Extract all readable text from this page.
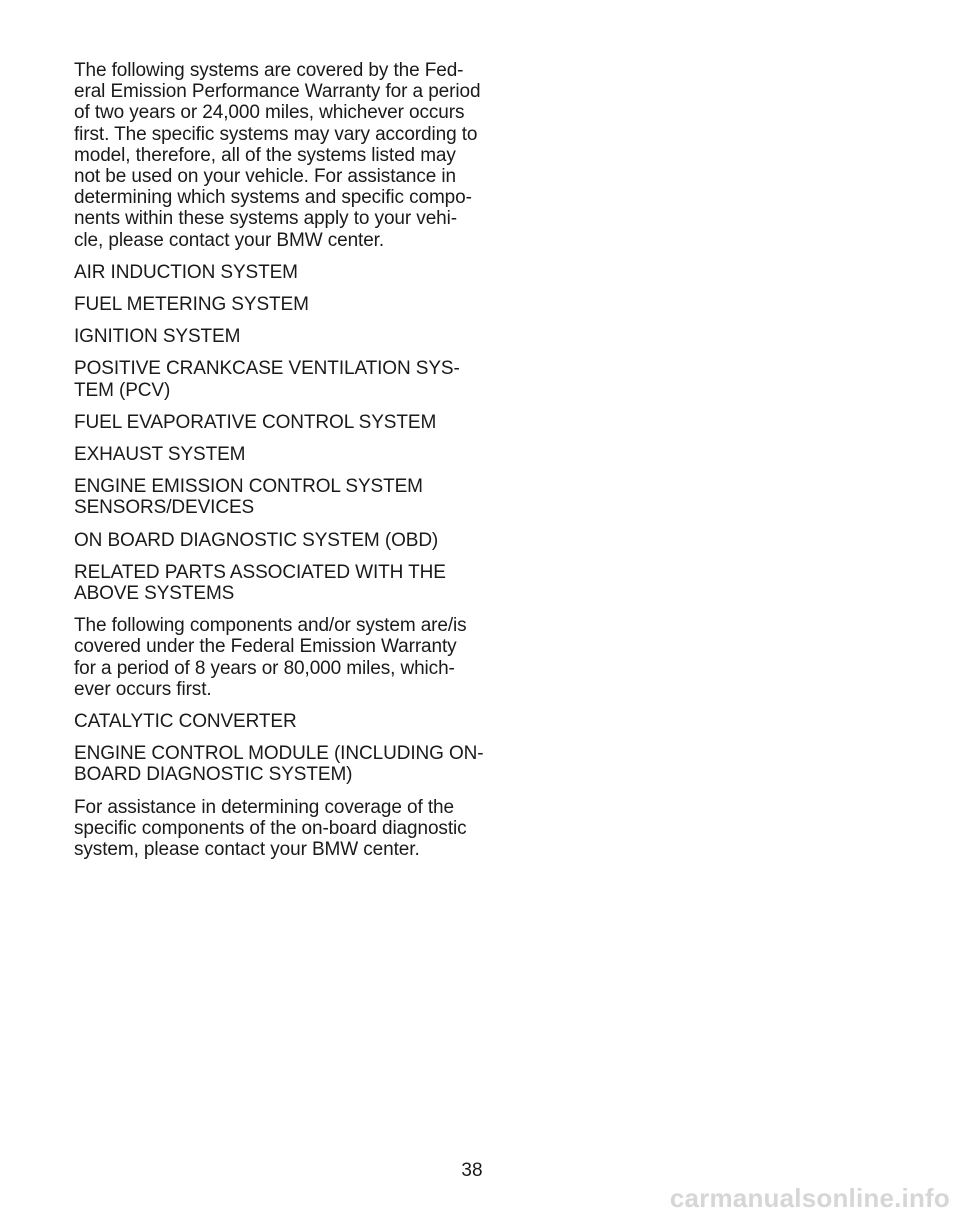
The following systems are covered by the Fed-
eral Emission Performance Warranty for a period
of two years or 24,000 miles, whichever occurs
first. The specific systems may vary according to
model, therefore, all of the systems listed may
not be used on your vehicle. For assistance in
determining which systems and specific compo-
nents within these systems apply to your vehi-
cle, please contact your BMW center.

AIR INDUCTION SYSTEM

FUEL METERING SYSTEM

IGNITION SYSTEM

POSITIVE CRANKCASE VENTILATION SYS-
TEM (PCV)

FUEL EVAPORATIVE CONTROL SYSTEM

EXHAUST SYSTEM

ENGINE EMISSION CONTROL SYSTEM
SENSORS/DEVICES

ON BOARD DIAGNOSTIC SYSTEM (OBD)

RELATED PARTS ASSOCIATED WITH THE
ABOVE SYSTEMS

The following components and/or system are/is
covered under the Federal Emission Warranty
for a period of 8 years or 80,000 miles, which-
ever occurs first.

CATALYTIC CONVERTER

ENGINE CONTROL MODULE (INCLUDING ON-
BOARD DIAGNOSTIC SYSTEM)

For assistance in determining coverage of the
specific components of the on-board diagnostic
system, please contact your BMW center.

38
carmanualsonline.info
